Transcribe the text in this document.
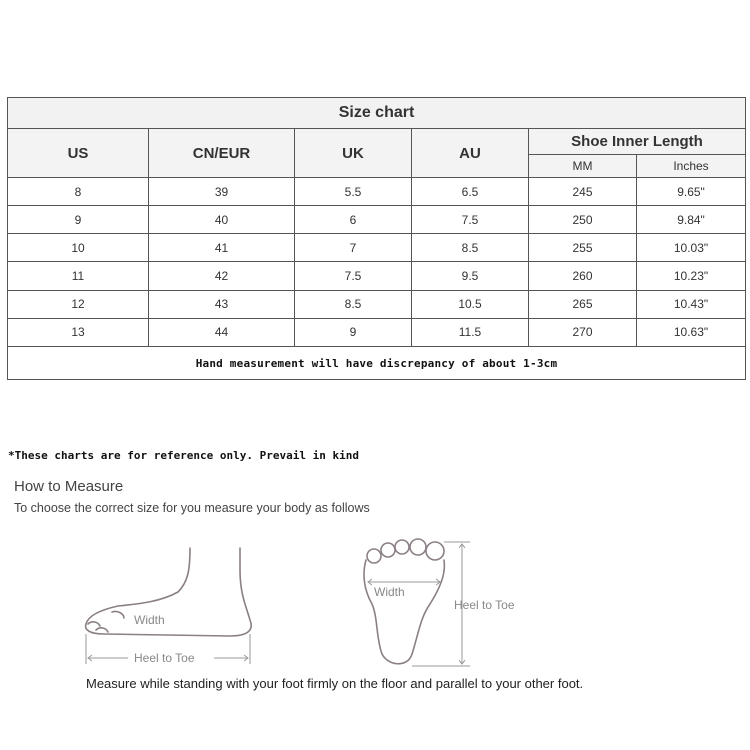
Size chart					
US	CN/EUR	UK	AU	Shoe Inner Length	
				MM	Inches
8	39	5.5	6.5	245	9.65"
9	40	6	7.5	250	9.84"
10	41	7	8.5	255	10.03"
11	42	7.5	9.5	260	10.23"
12	43	8.5	10.5	265	10.43"
13	44	9	11.5	270	10.63"
Hand measurement will have discrepancy of about 1-3cm					
*These charts are for reference only. Prevail in kind
How to Measure
To choose the correct size for you measure your body as follows
Width
Heel to Toe
Width
Heel to Toe
Measure while standing with your foot firmly on the floor and parallel to your other foot.
